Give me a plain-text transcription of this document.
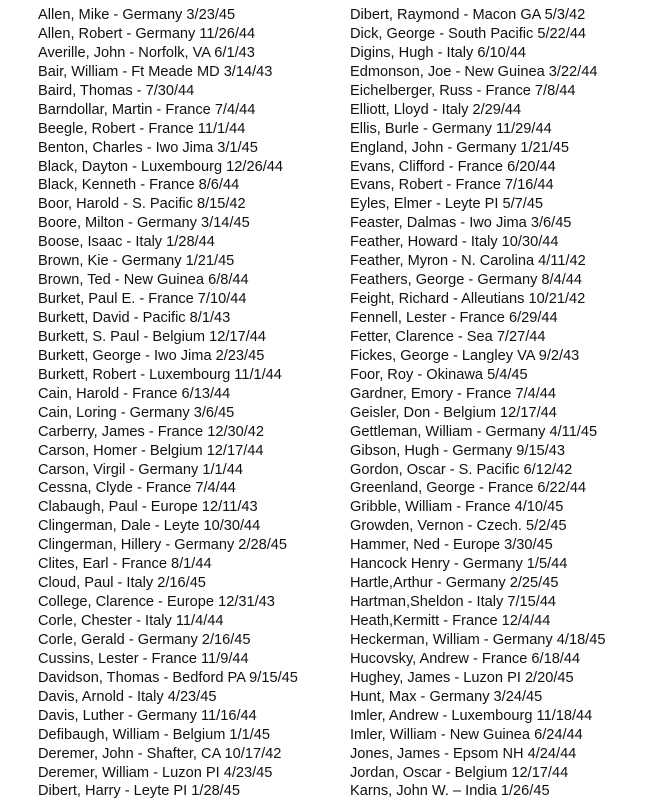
Allen, Mike - Germany 3/23/45
Allen, Robert - Germany 11/26/44
Averille, John - Norfolk, VA 6/1/43
Bair, William - Ft Meade MD 3/14/43
Baird, Thomas - 7/30/44
Barndollar, Martin - France 7/4/44
Beegle, Robert - France 11/1/44
Benton, Charles - Iwo Jima 3/1/45
Black, Dayton - Luxembourg 12/26/44
Black, Kenneth - France 8/6/44
Boor, Harold - S. Pacific 8/15/42
Boore, Milton - Germany 3/14/45
Boose, Isaac - Italy 1/28/44
Brown, Kie - Germany 1/21/45
Brown, Ted - New Guinea 6/8/44
Burket, Paul E. - France 7/10/44
Burkett, David - Pacific 8/1/43
Burkett, S. Paul - Belgium 12/17/44
Burkett, George - Iwo Jima 2/23/45
Burkett, Robert - Luxembourg 11/1/44
Cain, Harold - France 6/13/44
Cain, Loring - Germany 3/6/45
Carberry, James - France 12/30/42
Carson, Homer - Belgium 12/17/44
Carson, Virgil - Germany 1/1/44
Cessna, Clyde - France 7/4/44
Clabaugh, Paul - Europe 12/11/43
Clingerman, Dale - Leyte 10/30/44
Clingerman, Hillery - Germany 2/28/45
Clites, Earl - France 8/1/44
Cloud, Paul - Italy 2/16/45
College, Clarence - Europe 12/31/43
Corle, Chester - Italy 11/4/44
Corle, Gerald - Germany 2/16/45
Cussins, Lester - France 11/9/44
Davidson, Thomas - Bedford PA 9/15/45
Davis, Arnold - Italy 4/23/45
Davis, Luther - Germany 11/16/44
Defibaugh, William - Belgium 1/1/45
Deremer, John - Shafter, CA 10/17/42
Deremer, William - Luzon PI 4/23/45
Dibert, Harry - Leyte PI 1/28/45
Dibert, Raymond - Macon GA 5/3/42
Dick, George - South Pacific 5/22/44
Digins, Hugh - Italy 6/10/44
Edmonson, Joe - New Guinea 3/22/44
Eichelberger, Russ - France 7/8/44
Elliott, Lloyd - Italy 2/29/44
Ellis, Burle - Germany 11/29/44
England, John - Germany 1/21/45
Evans, Clifford - France 6/20/44
Evans, Robert - France 7/16/44
Eyles, Elmer - Leyte PI 5/7/45
Feaster, Dalmas - Iwo Jima 3/6/45
Feather, Howard - Italy 10/30/44
Feather, Myron - N. Carolina 4/11/42
Feathers, George - Germany 8/4/44
Feight, Richard - Alleutians 10/21/42
Fennell, Lester - France 6/29/44
Fetter, Clarence - Sea 7/27/44
Fickes, George - Langley VA 9/2/43
Foor, Roy - Okinawa 5/4/45
Gardner, Emory - France 7/4/44
Geisler, Don - Belgium 12/17/44
Gettleman, William - Germany 4/11/45
Gibson, Hugh - Germany 9/15/43
Gordon, Oscar - S. Pacific 6/12/42
Greenland, George - France 6/22/44
Gribble, William - France 4/10/45
Growden, Vernon - Czech. 5/2/45
Hammer, Ned - Europe 3/30/45
Hancock Henry - Germany 1/5/44
Hartle,Arthur - Germany 2/25/45
Hartman,Sheldon - Italy 7/15/44
Heath,Kermitt - France 12/4/44
Heckerman, William - Germany 4/18/45
Hucovsky, Andrew - France 6/18/44
Hughey, James - Luzon PI 2/20/45
Hunt, Max - Germany 3/24/45
Imler, Andrew - Luxembourg 11/18/44
Imler, William - New Guinea 6/24/44
Jones, James - Epsom NH 4/24/44
Jordan, Oscar - Belgium 12/17/44
Karns, John W. – India 1/26/45
